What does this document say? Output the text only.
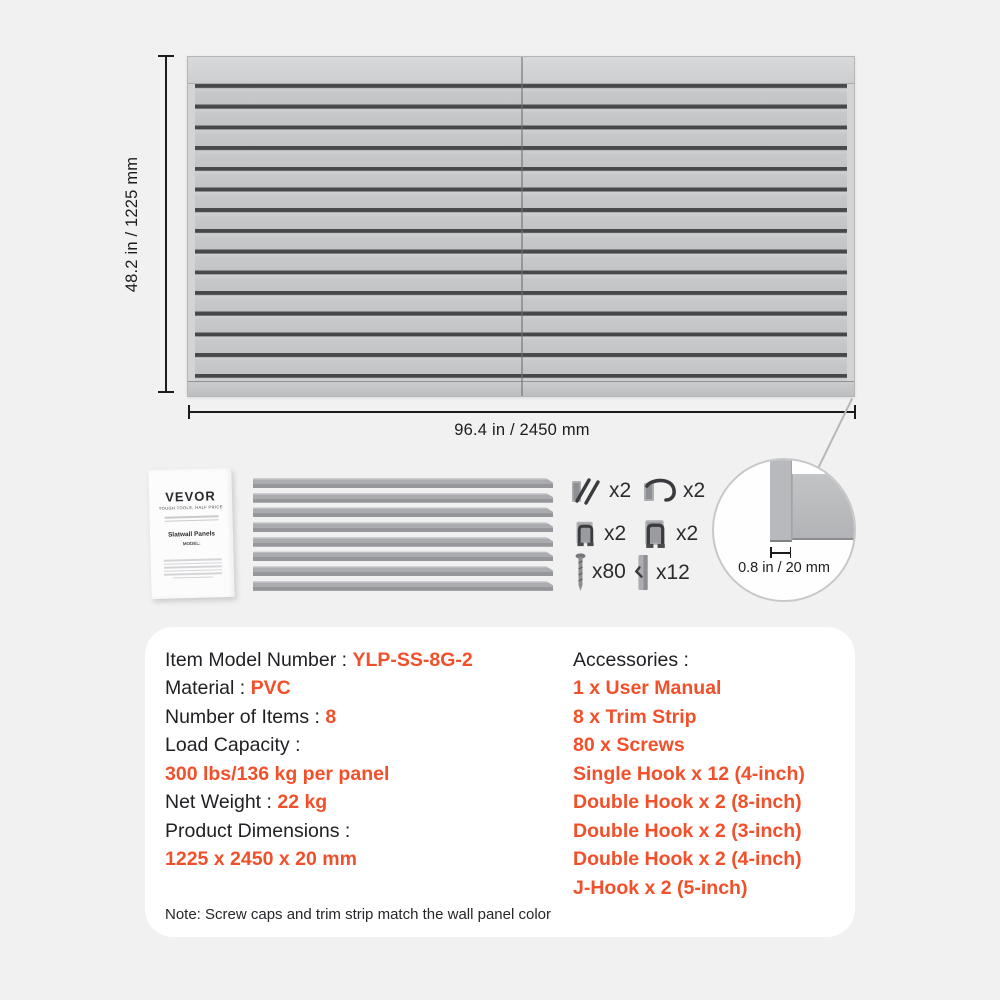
48.2 in / 1225 mm
96.4 in / 2450 mm
VEVOR
TOUGH TOOLS, HALF PRICE
Slatwall Panels
MODEL:
x2 x2
x2 x2
x80 x12	0.8 in / 20 mm
Item Model Number : YLP-SS-8G-2
Material : PVC
Number of Items : 8
Load Capacity :
300 lbs/136 kg per panel
Net Weight : 22 kg
Product Dimensions :
1225 x 2450 x 20 mm
Accessories :
1 x User Manual
8 x Trim Strip
80 x Screws
Single Hook x 12 (4-inch)
Double Hook x 2 (8-inch)
Double Hook x 2 (3-inch)
Double Hook x 2 (4-inch)
J-Hook x 2 (5-inch)
Note: Screw caps and trim strip match the wall panel color
